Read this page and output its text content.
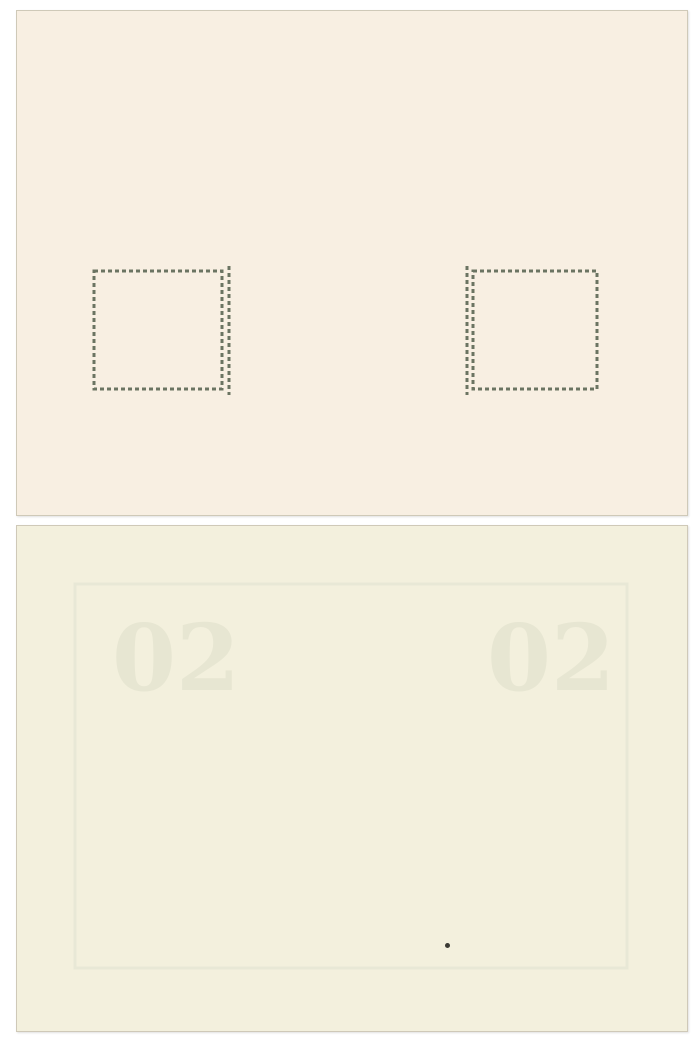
02	02
